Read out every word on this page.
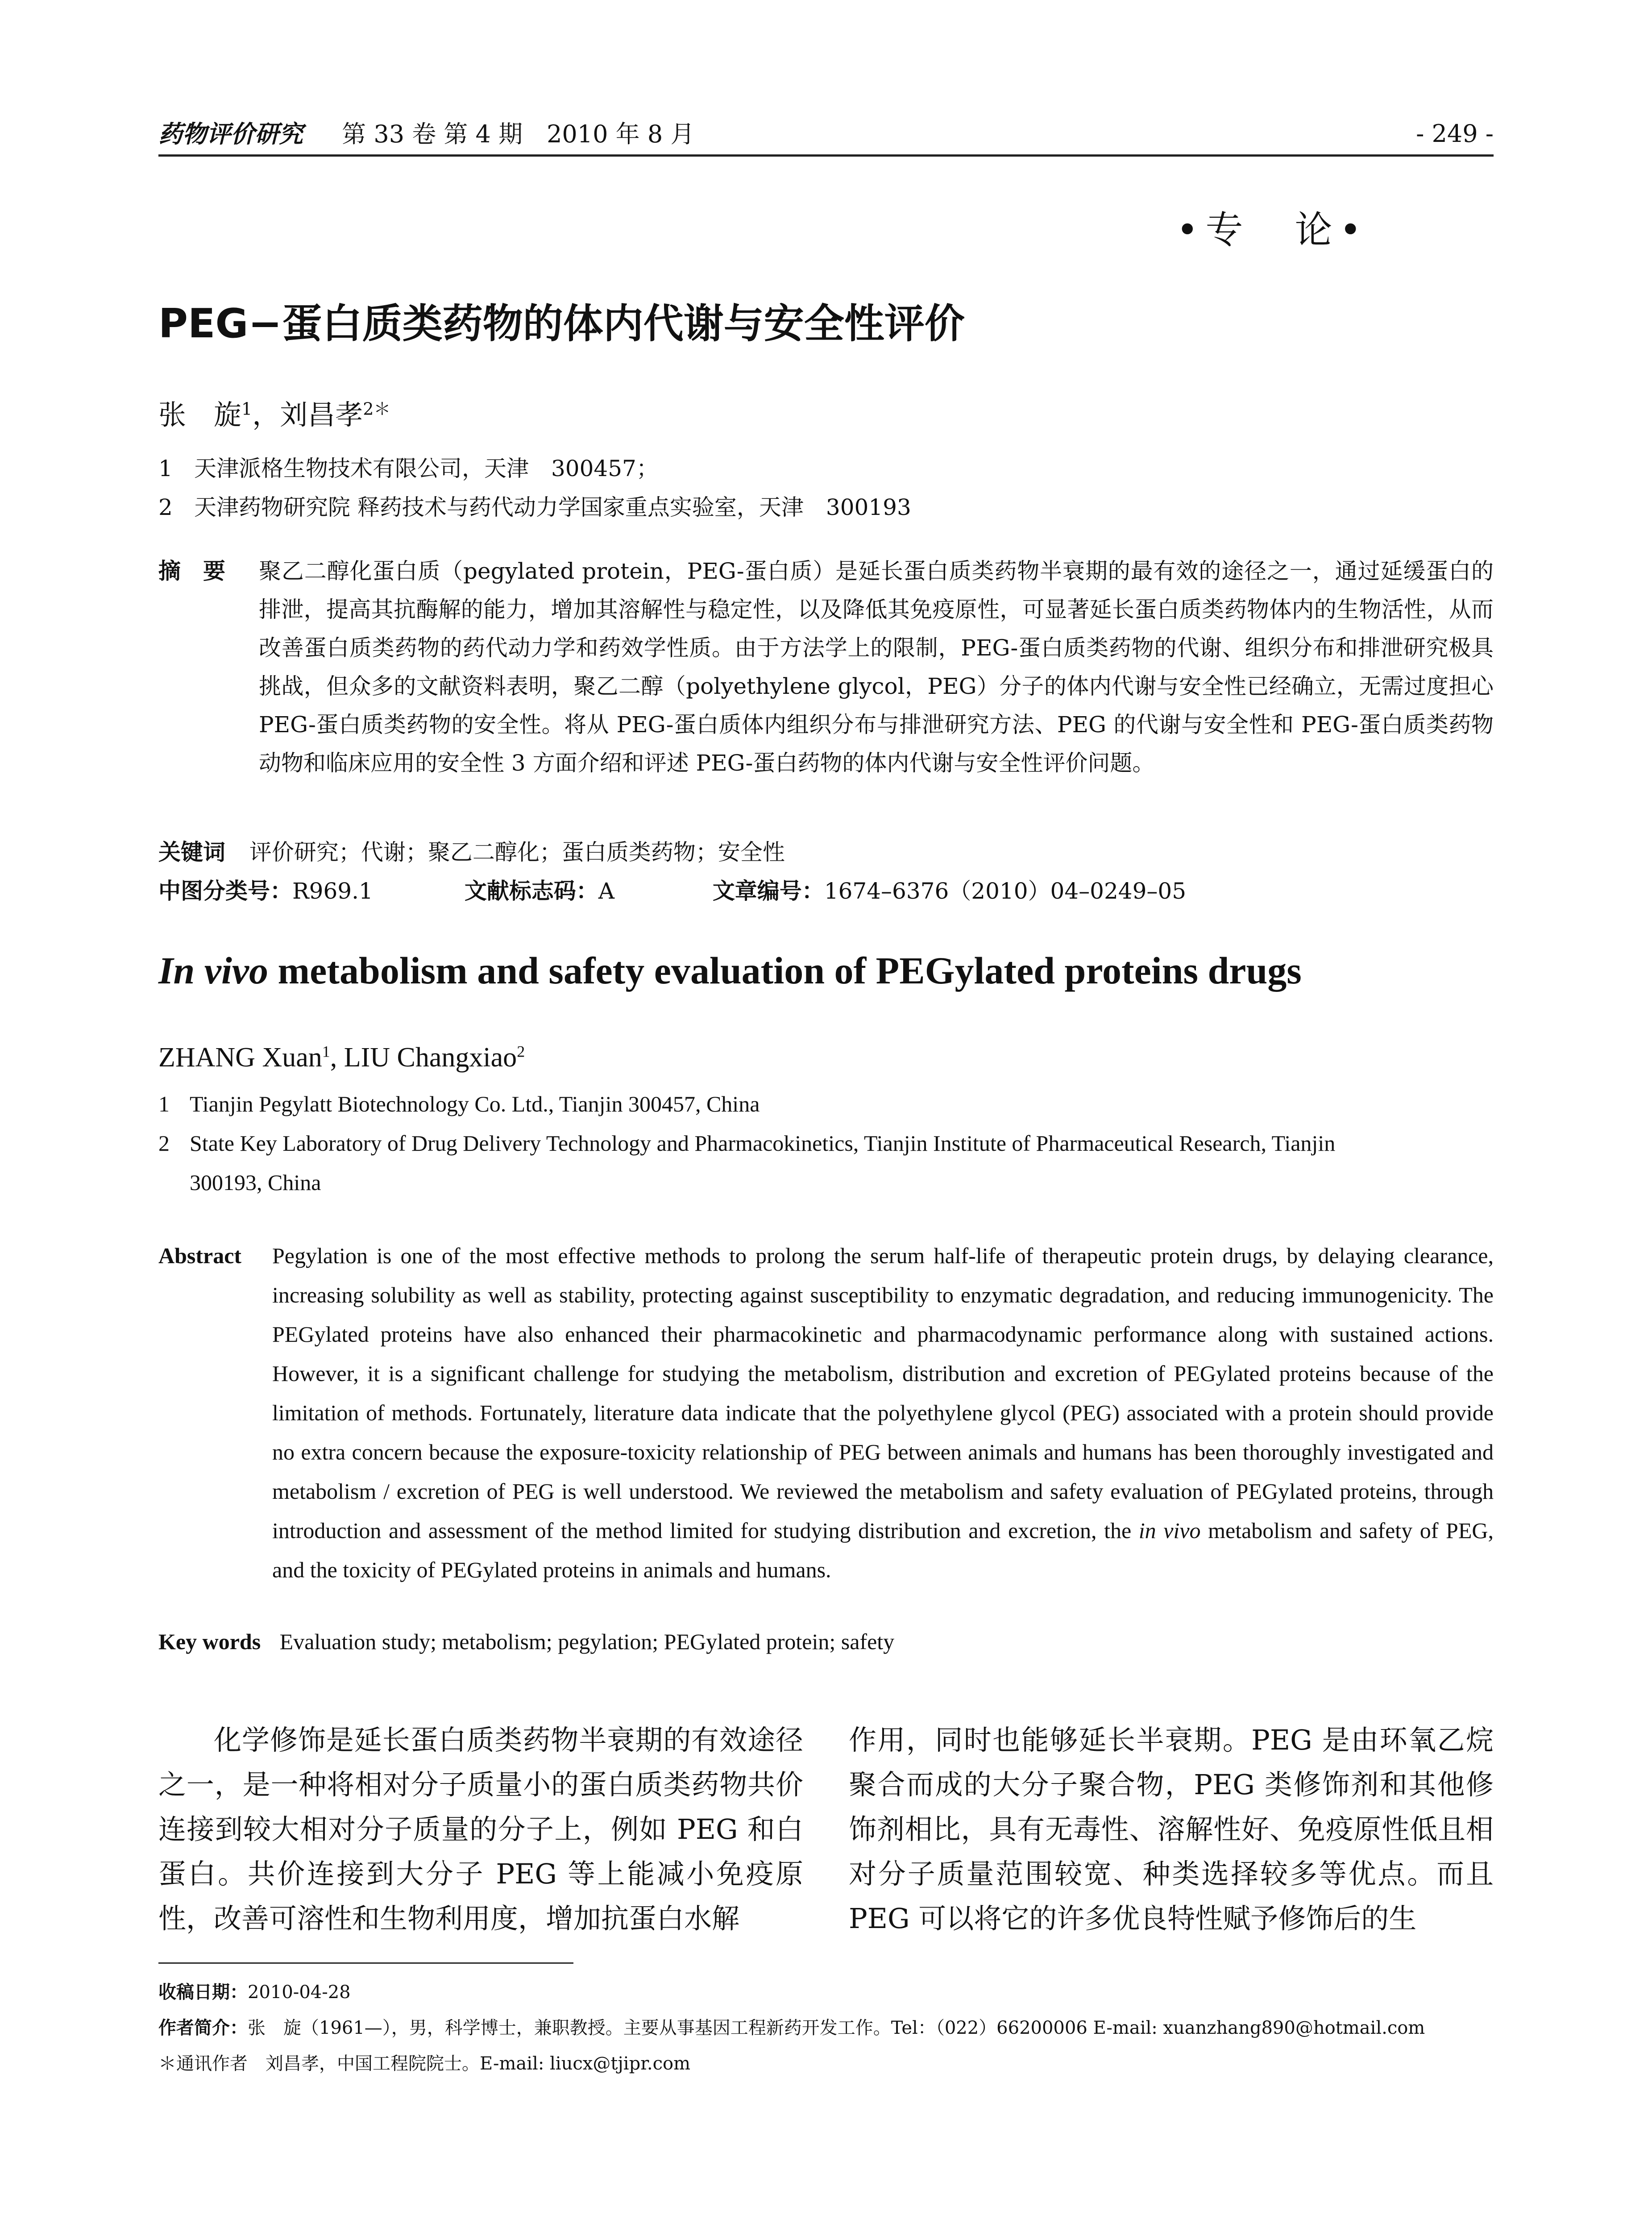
药物评价研究 第 33 卷 第 4 期　2010 年 8 月	- 249 -
•专　论•
PEG−蛋白质类药物的体内代谢与安全性评价
张　旋$^1$，刘昌孝$^{2*}$
1 天津派格生物技术有限公司，天津　300457；
2 天津药物研究院 释药技术与药代动力学国家重点实验室，天津　300193
摘　要 聚乙二醇化蛋白质（pegylated protein，PEG-蛋白质）是延长蛋白质类药物半衰期的最有效的途径之一，通过延缓蛋白的排泄，提高其抗酶解的能力，增加其溶解性与稳定性，以及降低其免疫原性，可显著延长蛋白质类药物体内的生物活性，从而改善蛋白质类药物的药代动力学和药效学性质。由于方法学上的限制，PEG-蛋白质类药物的代谢、组织分布和排泄研究极具挑战，但众多的文献资料表明，聚乙二醇（polyethylene glycol，PEG）分子的体内代谢与安全性已经确立，无需过度担心 PEG-蛋白质类药物的安全性。将从 PEG-蛋白质体内组织分布与排泄研究方法、PEG 的代谢与安全性和 PEG-蛋白质类药物动物和临床应用的安全性 3 方面介绍和评述 PEG-蛋白药物的体内代谢与安全性评价问题。
关键词 评价研究；代谢；聚乙二醇化；蛋白质类药物；安全性
中图分类号：R969.1	文献标志码：A	文章编号：1674–6376（2010）04–0249–05
In vivo metabolism and safety evaluation of PEGylated proteins drugs
ZHANG Xuan$^1$, LIU Changxiao$^2$
1 Tianjin Pegylatt Biotechnology Co. Ltd., Tianjin 300457, China
2 State Key Laboratory of Drug Delivery Technology and Pharmacokinetics, Tianjin Institute of Pharmaceutical Research, Tianjin
300193, China
Abstract Pegylation is one of the most effective methods to prolong the serum half-life of therapeutic protein drugs, by delaying clearance, increasing solubility as well as stability, protecting against susceptibility to enzymatic degradation, and reducing immunogenicity. The PEGylated proteins have also enhanced their pharmacokinetic and pharmacodynamic performance along with sustained actions. However, it is a significant challenge for studying the metabolism, distribution and excretion of PEGylated proteins because of the limitation of methods. Fortunately, literature data indicate that the polyethylene glycol (PEG) associated with a protein should provide no extra concern because the exposure-toxicity relationship of PEG between animals and humans has been thoroughly investigated and metabolism / excretion of PEG is well understood. We reviewed the metabolism and safety evaluation of PEGylated proteins, through introduction and assessment of the method limited for studying distribution and excretion, the in vivo metabolism and safety of PEG, and the toxicity of PEGylated proteins in animals and humans.
Key words Evaluation study; metabolism; pegylation; PEGylated protein; safety
化学修饰是延长蛋白质类药物半衰期的有效途径之一，是一种将相对分子质量小的蛋白质类药物共价连接到较大相对分子质量的分子上，例如 PEG 和白蛋白。共价连接到大分子 PEG 等上能减小免疫原性，改善可溶性和生物利用度，增加抗蛋白水解
作用，同时也能够延长半衰期。PEG 是由环氧乙烷聚合而成的大分子聚合物，PEG 类修饰剂和其他修饰剂相比，具有无毒性、溶解性好、免疫原性低且相对分子质量范围较宽、种类选择较多等优点。而且 PEG 可以将它的许多优良特性赋予修饰后的生
收稿日期：2010-04-28
作者简介：张　旋（1961—），男，科学博士，兼职教授。主要从事基因工程新药开发工作。Tel：（022）66200006 E-mail: xuanzhang890@hotmail.com
＊通讯作者　刘昌孝，中国工程院院士。E-mail: liucx@tjipr.com
